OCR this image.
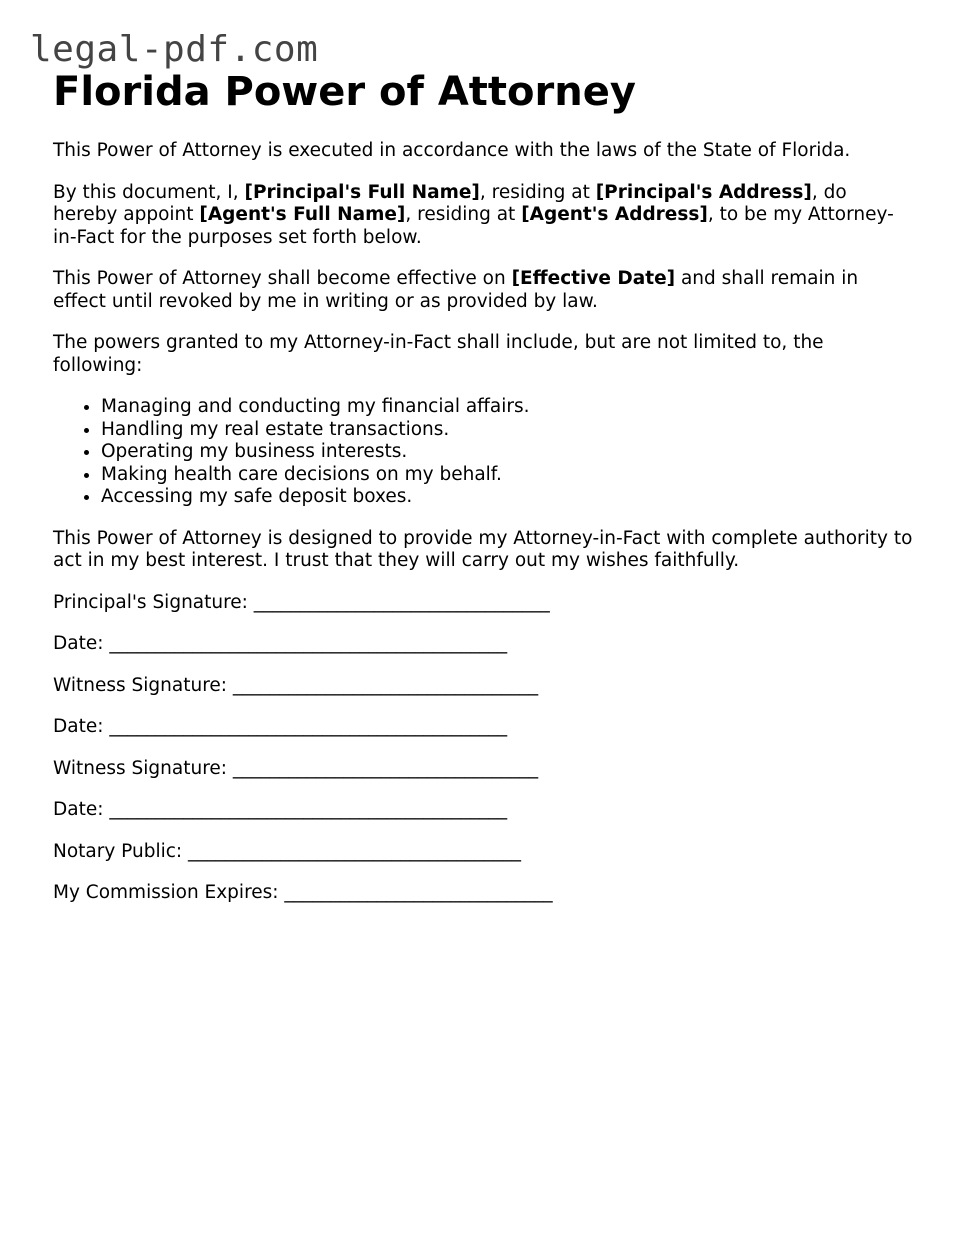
legal-pdf.com
Florida Power of Attorney

This Power of Attorney is executed in accordance with the laws of the State of Florida.

By this document, I, [Principal's Full Name], residing at [Principal's Address], do hereby appoint [Agent's Full Name], residing at [Agent's Address], to be my Attorney-in-Fact for the purposes set forth below.

This Power of Attorney shall become effective on [Effective Date] and shall remain in effect until revoked by me in writing or as provided by law.

The powers granted to my Attorney-in-Fact shall include, but are not limited to, the following:

• Managing and conducting my financial affairs.
• Handling my real estate transactions.
• Operating my business interests.
• Making health care decisions on my behalf.
• Accessing my safe deposit boxes.

This Power of Attorney is designed to provide my Attorney-in-Fact with complete authority to act in my best interest. I trust that they will carry out my wishes faithfully.

Principal's Signature: ________________________________
Date: ___________________________________________
Witness Signature: _________________________________
Date: ___________________________________________
Witness Signature: _________________________________
Date: ___________________________________________
Notary Public: ____________________________________
My Commission Expires: _____________________________
